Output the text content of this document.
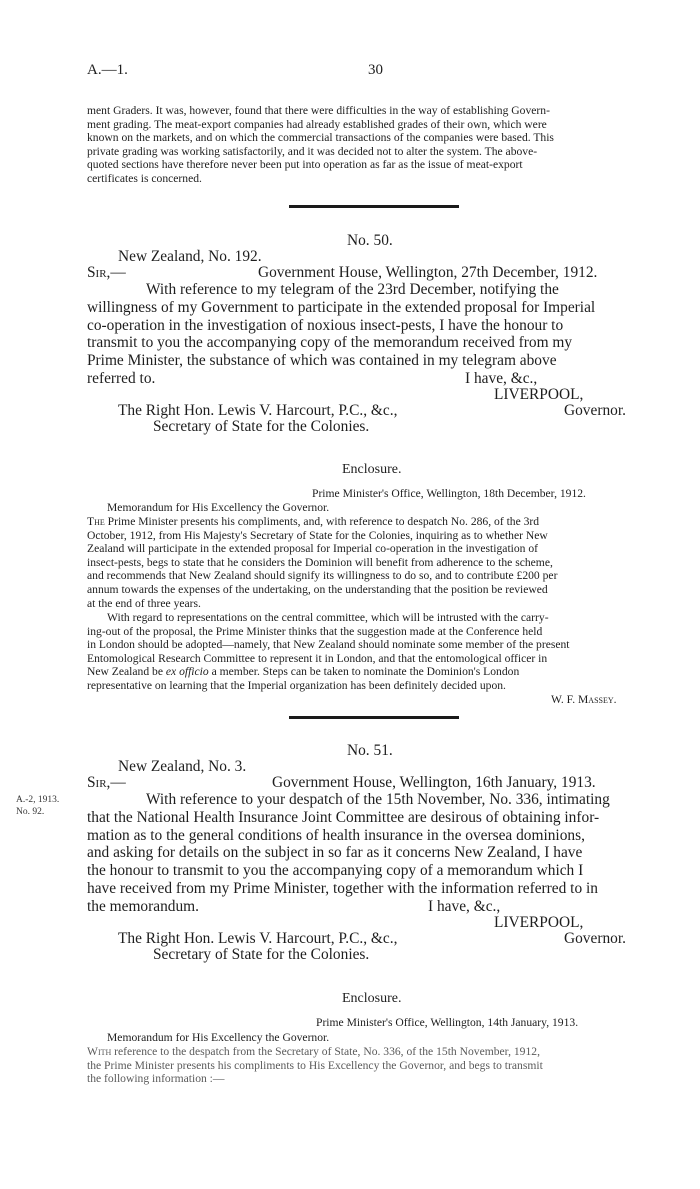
A.—1.	30
ment Graders. It was, however, found that there were difficulties in the way of establishing Govern-
ment grading. The meat-export companies had already established grades of their own, which were
known on the markets, and on which the commercial transactions of the companies were based. This
private grading was working satisfactorily, and it was decided not to alter the system. The above-
quoted sections have therefore never been put into operation as far as the issue of meat-export
certificates is concerned.
No. 50.
New Zealand, No. 192.
Sir,—	Government House, Wellington, 27th December, 1912.
With reference to my telegram of the 23rd December, notifying the
willingness of my Government to participate in the extended proposal for Imperial
co-operation in the investigation of noxious insect-pests, I have the honour to
transmit to you the accompanying copy of the memorandum received from my
Prime Minister, the substance of which was contained in my telegram above
referred to.	I have, &c.,
LIVERPOOL,
The Right Hon. Lewis V. Harcourt, P.C., &c.,	Governor.
Secretary of State for the Colonies.
Enclosure.
Prime Minister's Office, Wellington, 18th December, 1912.
Memorandum for His Excellency the Governor.
The Prime Minister presents his compliments, and, with reference to despatch No. 286, of the 3rd
October, 1912, from His Majesty's Secretary of State for the Colonies, inquiring as to whether New
Zealand will participate in the extended proposal for Imperial co-operation in the investigation of
insect-pests, begs to state that he considers the Dominion will benefit from adherence to the scheme,
and recommends that New Zealand should signify its willingness to do so, and to contribute £200 per
annum towards the expenses of the undertaking, on the understanding that the position be reviewed
at the end of three years.
With regard to representations on the central committee, which will be intrusted with the carry-
ing-out of the proposal, the Prime Minister thinks that the suggestion made at the Conference held
in London should be adopted—namely, that New Zealand should nominate some member of the present
Entomological Research Committee to represent it in London, and that the entomological officer in
New Zealand be ex officio a member. Steps can be taken to nominate the Dominion's London
representative on learning that the Imperial organization has been definitely decided upon.
W. F. Massey.
No. 51.
New Zealand, No. 3.
Sir,—	Government House, Wellington, 16th January, 1913.
A.-2, 1913.
No. 92.
With reference to your despatch of the 15th November, No. 336, intimating
that the National Health Insurance Joint Committee are desirous of obtaining infor-
mation as to the general conditions of health insurance in the oversea dominions,
and asking for details on the subject in so far as it concerns New Zealand, I have
the honour to transmit to you the accompanying copy of a memorandum which I
have received from my Prime Minister, together with the information referred to in
the memorandum.	I have, &c.,
LIVERPOOL,
The Right Hon. Lewis V. Harcourt, P.C., &c.,	Governor.
Secretary of State for the Colonies.
Enclosure.
Prime Minister's Office, Wellington, 14th January, 1913.
Memorandum for His Excellency the Governor.
With reference to the despatch from the Secretary of State, No. 336, of the 15th November, 1912,
the Prime Minister presents his compliments to His Excellency the Governor, and begs to transmit
the following information :—
